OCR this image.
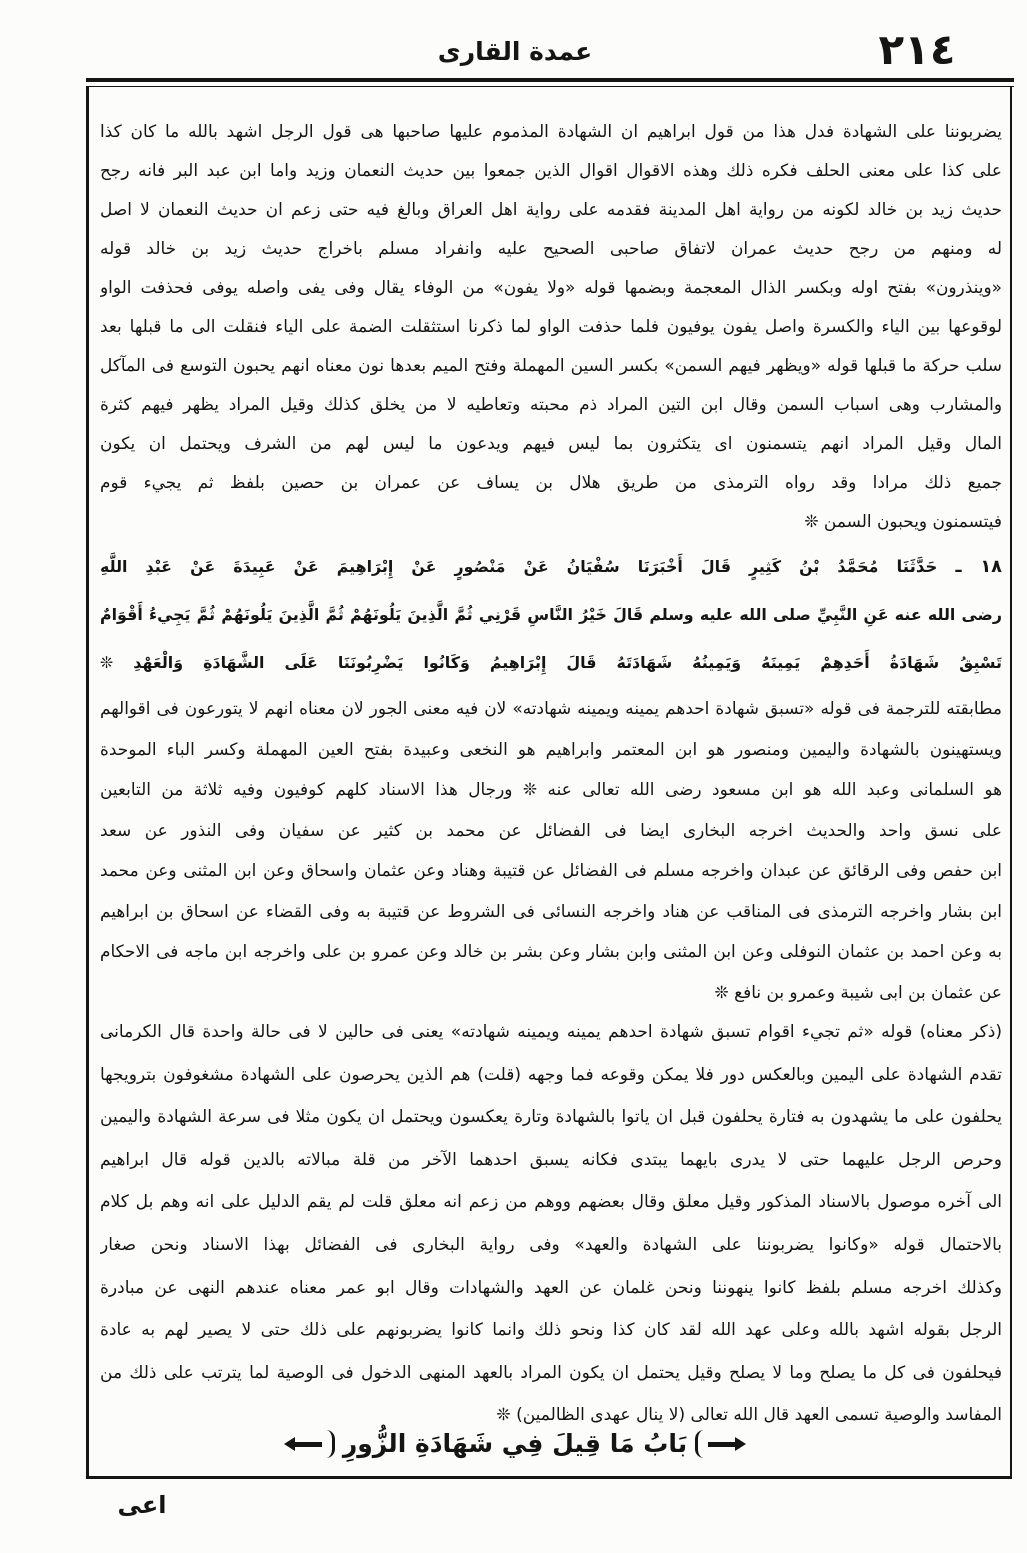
عمدة القارى	٢١٤
يضربوننا على الشهادة فدل هذا من قول ابراهيم ان الشهادة المذموم عليها صاحبها هى قول الرجل اشهد بالله ما كان كذا
على كذا على معنى الحلف فكره ذلك وهذه الاقوال اقوال الذين جمعوا بين حديث النعمان وزيد واما ابن عبد البر فانه رجح
حديث زيد بن خالد لكونه من رواية اهل المدينة فقدمه على رواية اهل العراق وبالغ فيه حتى زعم ان حديث النعمان لا اصل
له ومنهم من رجح حديث عمران لاتفاق صاحبى الصحيح عليه وانفراد مسلم باخراج حديث زيد بن خالد قوله
«وينذرون» بفتح اوله وبكسر الذال المعجمة وبضمها قوله «ولا يفون» من الوفاء يقال وفى يفى واصله يوفى فحذفت الواو
لوقوعها بين الياء والكسرة واصل يفون يوفيون فلما حذفت الواو لما ذكرنا استثقلت الضمة على الياء فنقلت الى ما قبلها بعد
سلب حركة ما قبلها قوله «ويظهر فيهم السمن» بكسر السين المهملة وفتح الميم بعدها نون معناه انهم يحبون التوسع فى المآكل
والمشارب وهى اسباب السمن وقال ابن التين المراد ذم محبته وتعاطيه لا من يخلق كذلك وقيل المراد يظهر فيهم كثرة
المال وقيل المراد انهم يتسمنون اى يتكثرون بما ليس فيهم ويدعون ما ليس لهم من الشرف ويحتمل ان يكون
جميع ذلك مرادا وقد رواه الترمذى من طريق هلال بن يساف عن عمران بن حصين بلفظ ثم يجيء قوم
فيتسمنون ويحبون السمن ❊
١٨ ـ حَدَّثَنَا مُحَمَّدُ بْنُ كَثِيرٍ قَالَ أَخْبَرَنَا سُفْيَانُ عَنْ مَنْصُورٍ عَنْ إِبْرَاهِيمَ عَنْ عَبِيدَةَ عَنْ عَبْدِ اللَّهِ
رضى الله عنه عَنِ النَّبِيِّ صلى الله عليه وسلم قَالَ خَيْرُ النَّاسِ قَرْنِي ثُمَّ الَّذِينَ يَلُونَهُمْ ثُمَّ الَّذِينَ يَلُونَهُمْ ثُمَّ يَجِيءُ أَقْوَامٌ
تَسْبِقُ شَهَادَةُ أَحَدِهِمْ يَمِينَهُ وَيَمِينُهُ شَهَادَتَهُ قَالَ إِبْرَاهِيمُ وَكَانُوا يَضْرِبُونَنَا عَلَى الشَّهَادَةِ وَالْعَهْدِ ❊
مطابقته للترجمة فى قوله «تسبق شهادة احدهم يمينه ويمينه شهادته» لان فيه معنى الجور لان معناه انهم لا يتورعون فى اقوالهم
ويستهينون بالشهادة واليمين ومنصور هو ابن المعتمر وابراهيم هو النخعى وعبيدة بفتح العين المهملة وكسر الباء الموحدة
هو السلمانى وعبد الله هو ابن مسعود رضى الله تعالى عنه ❊ ورجال هذا الاسناد كلهم كوفيون وفيه ثلاثة من التابعين
على نسق واحد والحديث اخرجه البخارى ايضا فى الفضائل عن محمد بن كثير عن سفيان وفى النذور عن سعد
ابن حفص وفى الرقائق عن عبدان واخرجه مسلم فى الفضائل عن قتيبة وهناد وعن عثمان واسحاق وعن ابن المثنى وعن محمد
ابن بشار واخرجه الترمذى فى المناقب عن هناد واخرجه النسائى فى الشروط عن قتيبة به وفى القضاء عن اسحاق بن ابراهيم
به وعن احمد بن عثمان النوفلى وعن ابن المثنى وابن بشار وعن بشر بن خالد وعن عمرو بن على واخرجه ابن ماجه فى الاحكام
عن عثمان بن ابى شيبة وعمرو بن نافع ❊
(ذكر معناه) قوله «ثم تجيء اقوام تسبق شهادة احدهم يمينه ويمينه شهادته» يعنى فى حالين لا فى حالة واحدة قال الكرمانى
تقدم الشهادة على اليمين وبالعكس دور فلا يمكن وقوعه فما وجهه (قلت) هم الذين يحرصون على الشهادة مشغوفون بترويجها
يحلفون على ما يشهدون به فتارة يحلفون قبل ان ياتوا بالشهادة وتارة يعكسون ويحتمل ان يكون مثلا فى سرعة الشهادة واليمين
وحرص الرجل عليهما حتى لا يدرى بايهما يبتدى فكانه يسبق احدهما الآخر من قلة مبالاته بالدين قوله قال ابراهيم
الى آخره موصول بالاسناد المذكور وقيل معلق وقال بعضهم ووهم من زعم انه معلق قلت لم يقم الدليل على انه وهم بل كلام
بالاحتمال قوله «وكانوا يضربوننا على الشهادة والعهد» وفى رواية البخارى فى الفضائل بهذا الاسناد ونحن صغار
وكذلك اخرجه مسلم بلفظ كانوا ينهوننا ونحن غلمان عن العهد والشهادات وقال ابو عمر معناه عندهم النهى عن مبادرة
الرجل بقوله اشهد بالله وعلى عهد الله لقد كان كذا ونحو ذلك وانما كانوا يضربونهم على ذلك حتى لا يصير لهم به عادة
فيحلفون فى كل ما يصلح وما لا يصلح وقيل يحتمل ان يكون المراد بالعهد المنهى الدخول فى الوصية لما يترتب على ذلك من
المفاسد والوصية تسمى العهد قال الله تعالى (لا ينال عهدى الظالمين) ❊
بَابُ مَا قِيلَ فِي شَهَادَةِ الزُّورِ
اعى
